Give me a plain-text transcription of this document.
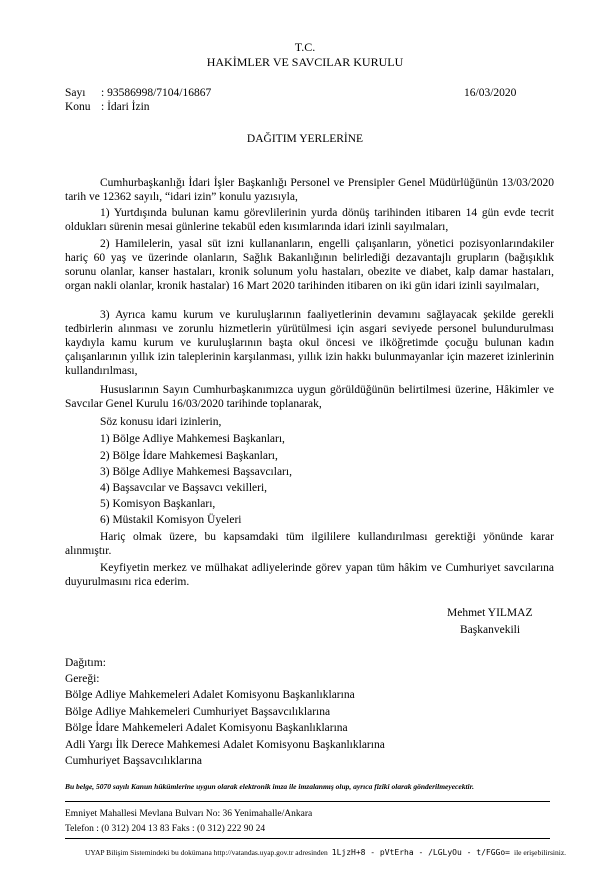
T.C.
HAKİMLER VE SAVCILAR KURULU
Sayı : 93586998/7104/16867	16/03/2020
Konu : İdari İzin
DAĞITIM YERLERİNE
Cumhurbaşkanlığı İdari İşler Başkanlığı Personel ve Prensipler Genel Müdürlüğünün 13/03/2020 tarih ve 12362 sayılı, “idari izin” konulu yazısıyla,
1) Yurtdışında bulunan kamu görevlilerinin yurda dönüş tarihinden itibaren 14 gün evde tecrit oldukları sürenin mesai günlerine tekabül eden kısımlarında idari izinli sayılmaları,
2) Hamilelerin, yasal süt izni kullananların, engelli çalışanların, yönetici pozisyonlarındakiler hariç 60 yaş ve üzerinde olanların, Sağlık Bakanlığının belirlediği dezavantajlı grupların (bağışıklık sorunu olanlar, kanser hastaları, kronik solunum yolu hastaları, obezite ve diabet, kalp damar hastaları, organ nakli olanlar, kronik hastalar) 16 Mart 2020 tarihinden itibaren on iki gün idari izinli sayılmaları,
3) Ayrıca kamu kurum ve kuruluşlarının faaliyetlerinin devamını sağlayacak şekilde gerekli tedbirlerin alınması ve zorunlu hizmetlerin yürütülmesi için asgari seviyede personel bulundurulması kaydıyla kamu kurum ve kuruluşlarının başta okul öncesi ve ilköğretimde çocuğu bulunan kadın çalışanlarının yıllık izin taleplerinin karşılanması, yıllık izin hakkı bulunmayanlar için mazeret izinlerinin kullandırılması,
Hususlarının Sayın Cumhurbaşkanımızca uygun görüldüğünün belirtilmesi üzerine, Hâkimler ve Savcılar Genel Kurulu 16/03/2020 tarihinde toplanarak,
Söz konusu idari izinlerin,
1) Bölge Adliye Mahkemesi Başkanları,
2) Bölge İdare Mahkemesi Başkanları,
3) Bölge Adliye Mahkemesi Başsavcıları,
4) Başsavcılar ve Başsavcı vekilleri,
5) Komisyon Başkanları,
6) Müstakil Komisyon Üyeleri
Hariç olmak üzere, bu kapsamdaki tüm ilgililere kullandırılması gerektiği yönünde karar alınmıştır.
Keyfiyetin merkez ve mülhakat adliyelerinde görev yapan tüm hâkim ve Cumhuriyet savcılarına duyurulmasını rica ederim.
Mehmet YILMAZ
Başkanvekili
Dağıtım:
Gereği:
Bölge Adliye Mahkemeleri Adalet Komisyonu Başkanlıklarına
Bölge Adliye Mahkemeleri Cumhuriyet Başsavcılıklarına
Bölge İdare Mahkemeleri Adalet Komisyonu Başkanlıklarına
Adli Yargı İlk Derece Mahkemesi Adalet Komisyonu Başkanlıklarına
Cumhuriyet Başsavcılıklarına
Bu belge, 5070 sayılı Kanun hükümlerine uygun olarak elektronik imza ile imzalanmış olup, ayrıca fiziki olarak gönderilmeyecektir.
Emniyet Mahallesi Mevlana Bulvarı No: 36 Yenimahalle/Ankara
Telefon : (0 312) 204 13 83 Faks : (0 312) 222 90 24
UYAP Bilişim Sistemindeki bu dokümana http://vatandas.uyap.gov.tr adresinden 1LjzH+8 - pVtErha - /LGLyOu - t/FGGo= ile erişebilirsiniz.
